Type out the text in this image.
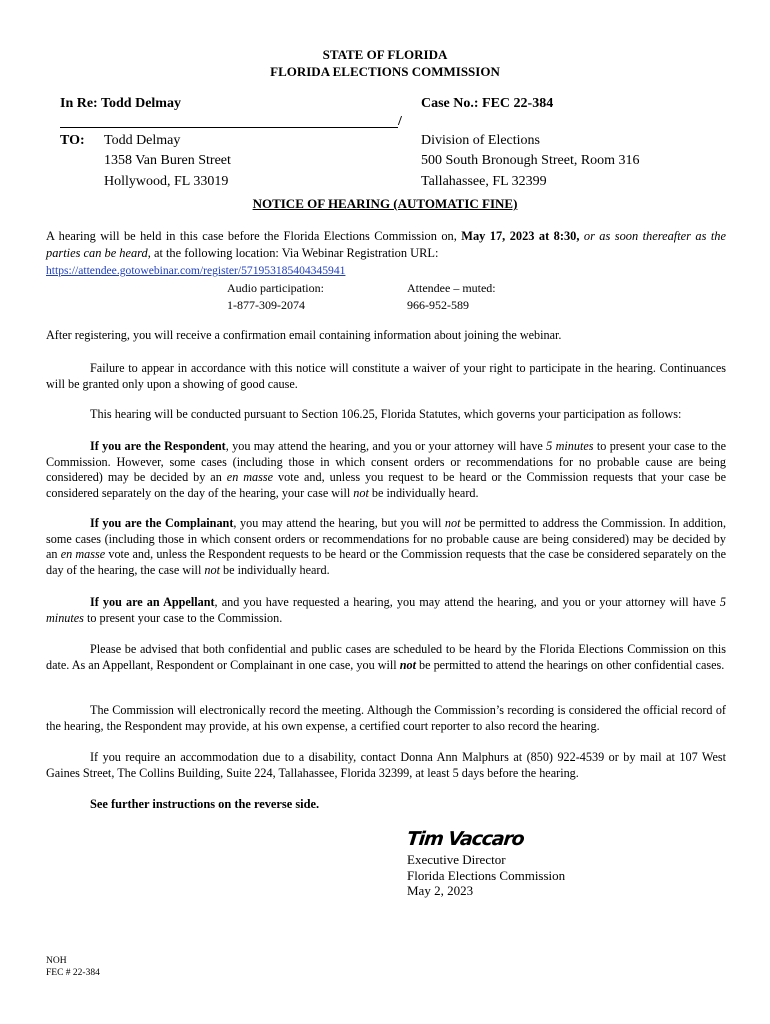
STATE OF FLORIDA
FLORIDA ELECTIONS COMMISSION
In Re: Todd Delmay	Case No.: FEC 22-384
/
TO: Todd Delmay
1358 Van Buren Street
Hollywood, FL 33019
Division of Elections
500 South Bronough Street, Room 316
Tallahassee, FL 32399
NOTICE OF HEARING (AUTOMATIC FINE)
A hearing will be held in this case before the Florida Elections Commission on, May 17, 2023 at 8:30, or as soon thereafter as the parties can be heard, at the following location: Via Webinar Registration URL:
https://attendee.gotowebinar.com/register/571953185404345941
Audio participation:
1-877-309-2074
Attendee – muted:
966-952-589
After registering, you will receive a confirmation email containing information about joining the webinar.
Failure to appear in accordance with this notice will constitute a waiver of your right to participate in the hearing. Continuances will be granted only upon a showing of good cause.
This hearing will be conducted pursuant to Section 106.25, Florida Statutes, which governs your participation as follows:
If you are the Respondent, you may attend the hearing, and you or your attorney will have 5 minutes to present your case to the Commission. However, some cases (including those in which consent orders or recommendations for no probable cause are being considered) may be decided by an en masse vote and, unless you request to be heard or the Commission requests that your case be considered separately on the day of the hearing, your case will not be individually heard.
If you are the Complainant, you may attend the hearing, but you will not be permitted to address the Commission. In addition, some cases (including those in which consent orders or recommendations for no probable cause are being considered) may be decided by an en masse vote and, unless the Respondent requests to be heard or the Commission requests that the case be considered separately on the day of the hearing, the case will not be individually heard.
If you are an Appellant, and you have requested a hearing, you may attend the hearing, and you or your attorney will have 5 minutes to present your case to the Commission.
Please be advised that both confidential and public cases are scheduled to be heard by the Florida Elections Commission on this date. As an Appellant, Respondent or Complainant in one case, you will not be permitted to attend the hearings on other confidential cases.
The Commission will electronically record the meeting. Although the Commission’s recording is considered the official record of the hearing, the Respondent may provide, at his own expense, a certified court reporter to also record the hearing.
If you require an accommodation due to a disability, contact Donna Ann Malphurs at (850) 922-4539 or by mail at 107 West Gaines Street, The Collins Building, Suite 224, Tallahassee, Florida 32399, at least 5 days before the hearing.
See further instructions on the reverse side.
Tim Vaccaro
Executive Director
Florida Elections Commission
May 2, 2023
NOH
FEC # 22-384
